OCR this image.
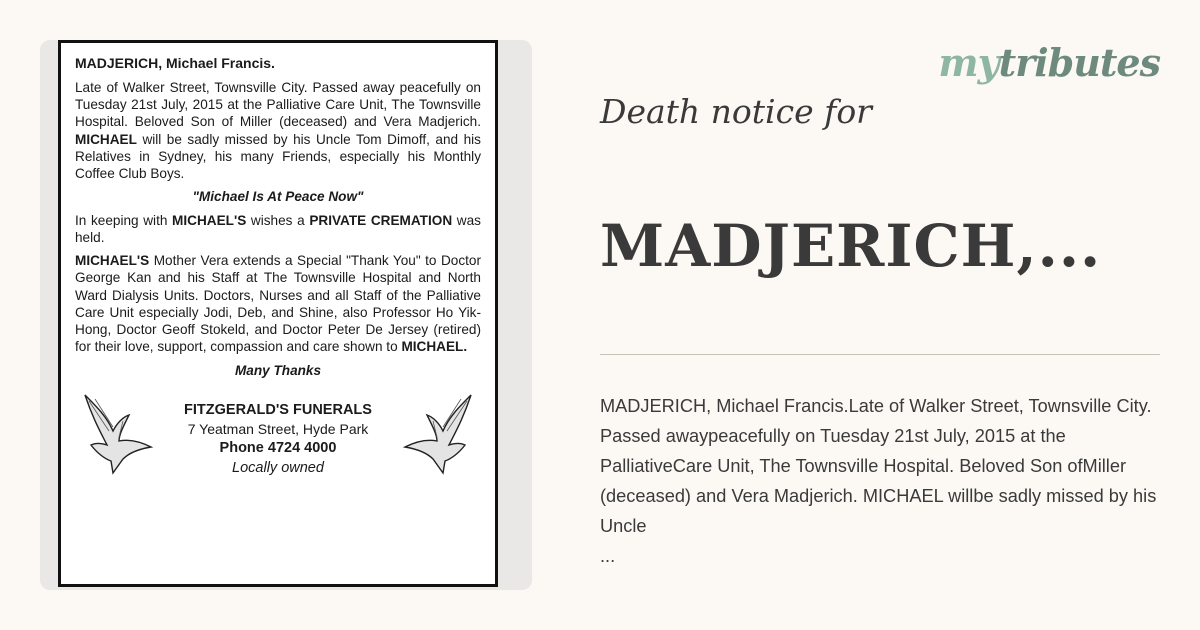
MADJERICH, Michael Francis.

Late of Walker Street, Townsville City. Passed away peacefully on Tuesday 21st July, 2015 at the Palliative Care Unit, The Townsville Hospital. Beloved Son of Miller (deceased) and Vera Madjerich. MICHAEL will be sadly missed by his Uncle Tom Dimoff, and his Relatives in Sydney, his many Friends, especially his Monthly Coffee Club Boys.

"Michael Is At Peace Now"

In keeping with MICHAEL'S wishes a PRIVATE CREMATION was held.

MICHAEL'S Mother Vera extends a Special "Thank You" to Doctor George Kan and his Staff at The Townsville Hospital and North Ward Dialysis Units. Doctors, Nurses and all Staff of the Palliative Care Unit especially Jodi, Deb, and Shine, also Professor Ho Yik-Hong, Doctor Geoff Stokeld, and Doctor Peter De Jersey (retired) for their love, support, compassion and care shown to MICHAEL.

Many Thanks
FITZGERALD'S FUNERALS
7 Yeatman Street, Hyde Park
Phone 4724 4000
Locally owned
mytributes
Death notice for
MADJERICH,...
MADJERICH, Michael Francis.Late of Walker Street, Townsville City. Passed awaypeacefully on Tuesday 21st July, 2015 at the PalliativeCare Unit, The Townsville Hospital. Beloved Son ofMiller (deceased) and Vera Madjerich. MICHAEL willbe sadly missed by his Uncle
...
